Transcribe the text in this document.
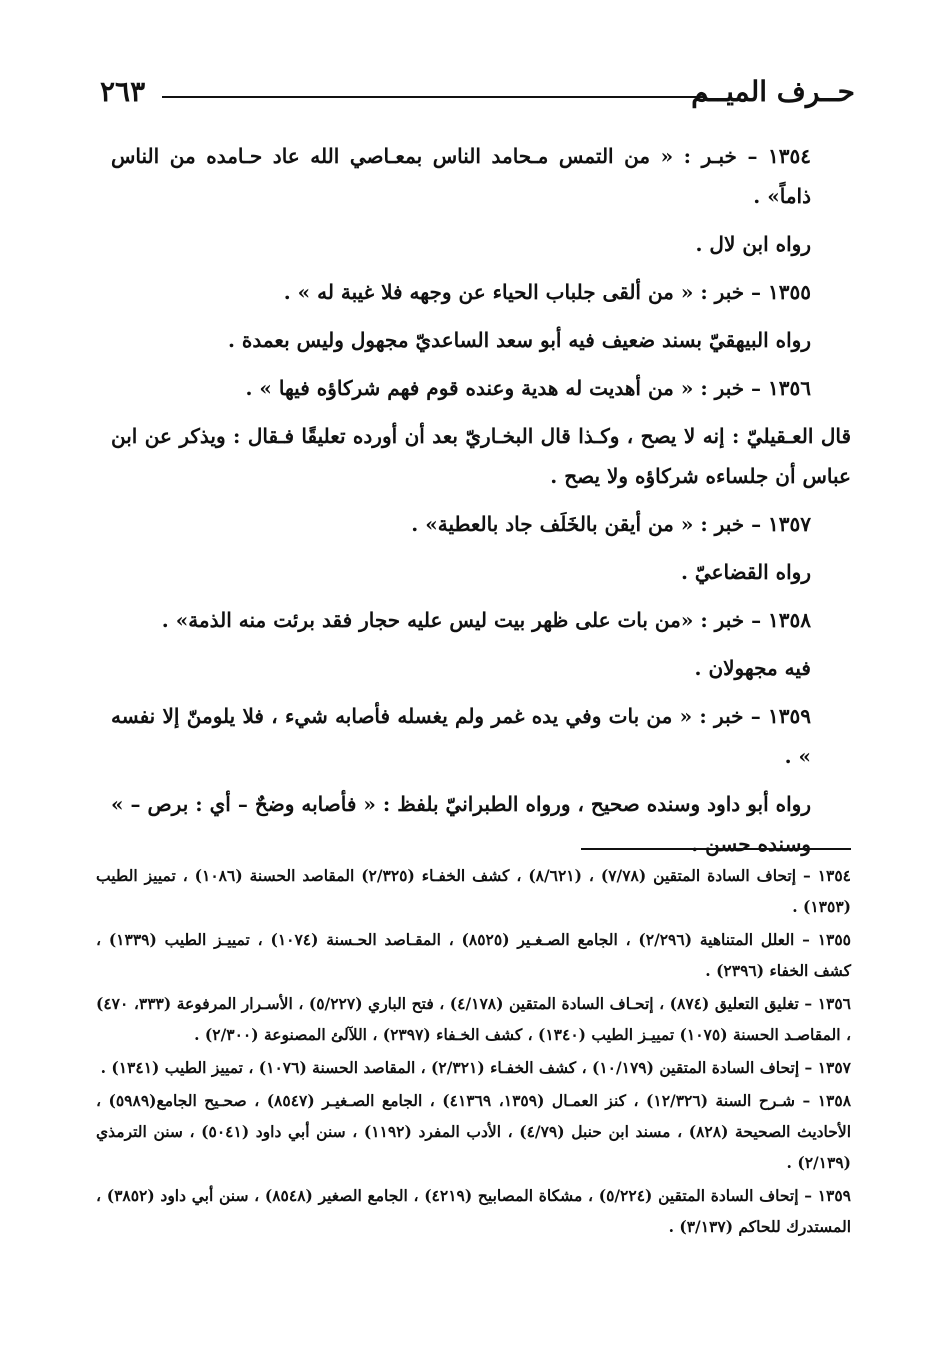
حــرف الميــم
٢٦٣

١٣٥٤ – خبـر : « من التمس مـحامد الناس بمعـاصي الله عاد حـامده من الناس ذاماً» .

رواه ابن لال .

١٣٥٥ – خبر : « من ألقى جلباب الحياء عن وجهه فلا غيبة له » .

رواه البيهقيّ بسند ضعيف فيه أبو سعد الساعديّ مجهول وليس بعمدة .

١٣٥٦ – خبر : « من أهديت له هدية وعنده قوم فهم شركاؤه فيها » .

قال العـقيليّ : إنه لا يصح ، وكـذا قال البخـاريّ بعد أن أورده تعليقًا فـقال : ويذكر عن ابن عباس أن جلساءه شركاؤه ولا يصح .

١٣٥٧ – خبر : « من أيقن بالخَلَف جاد بالعطية» .

رواه القضاعيّ .

١٣٥٨ – خبر : «من بات على ظهر بيت ليس عليه حجار فقد برئت منه الذمة» .

فيه مجهولان .

١٣٥٩ – خبر : « من بات وفي يده غمر ولم يغسله فأصابه شيء ، فلا يلومنّ إلا نفسه » .

رواه أبو داود وسنده صحيح ، ورواه الطبرانيّ بلفظ : « فأصابه وضحٌ – أي : برص – » وسنده حسن .

١٣٥٤ – إتحاف السادة المتقين (٧/٧٨) ، (٨/٦٢١) ، كشف الخفـاء (٢/٣٢٥) المقاصد الحسنة (١٠٨٦) ، تمييز الطيب (١٣٥٣) .

١٣٥٥ – العلل المتناهية (٢/٢٩٦) ، الجامع الصـغـير (٨٥٢٥) ، المقـاصد الحـسنة (١٠٧٤) ، تمييـز الطيب (١٣٣٩) ، كشف الخفاء (٢٣٩٦) .

١٣٥٦ – تغليق التعليق (٨٧٤) ، إتحـاف السادة المتقين (٤/١٧٨) ، فتح الباري (٥/٢٢٧) ، الأسـرار المرفوعة (٣٣٣، ٤٧٠) ، المقاصـد الحسنة (١٠٧٥) تمييـز الطيب (١٣٤٠) ، كشف الخـفاء (٢٣٩٧) ، اللآلئ المصنوعة (٢/٣٠٠) .

١٣٥٧ – إتحاف السادة المتقين (١٠/١٧٩) ، كشف الخفـاء (٢/٣٢١) ، المقاصد الحسنة (١٠٧٦) ، تمييز الطيب (١٣٤١) .

١٣٥٨ – شـرح السنة (١٢/٣٢٦) ، كنز العمـال (١٣٥٩، ٤١٣٦٩) ، الجامع الصـغيـر (٨٥٤٧) ، صحـيح الجامع(٥٩٨٩) ، الأحاديث الصحيحة (٨٢٨) ، مسند ابن حنبل (٤/٧٩) ، الأدب المفرد (١١٩٢) ، سنن أبي داود (٥٠٤١) ، سنن الترمذي (٢/١٣٩) .

١٣٥٩ – إتحاف السادة المتقين (٥/٢٢٤) ، مشكاة المصابيح (٤٢١٩) ، الجامع الصغير (٨٥٤٨) ، سنن أبي داود (٣٨٥٢) ، المستدرك للحاكم (٣/١٣٧) .
